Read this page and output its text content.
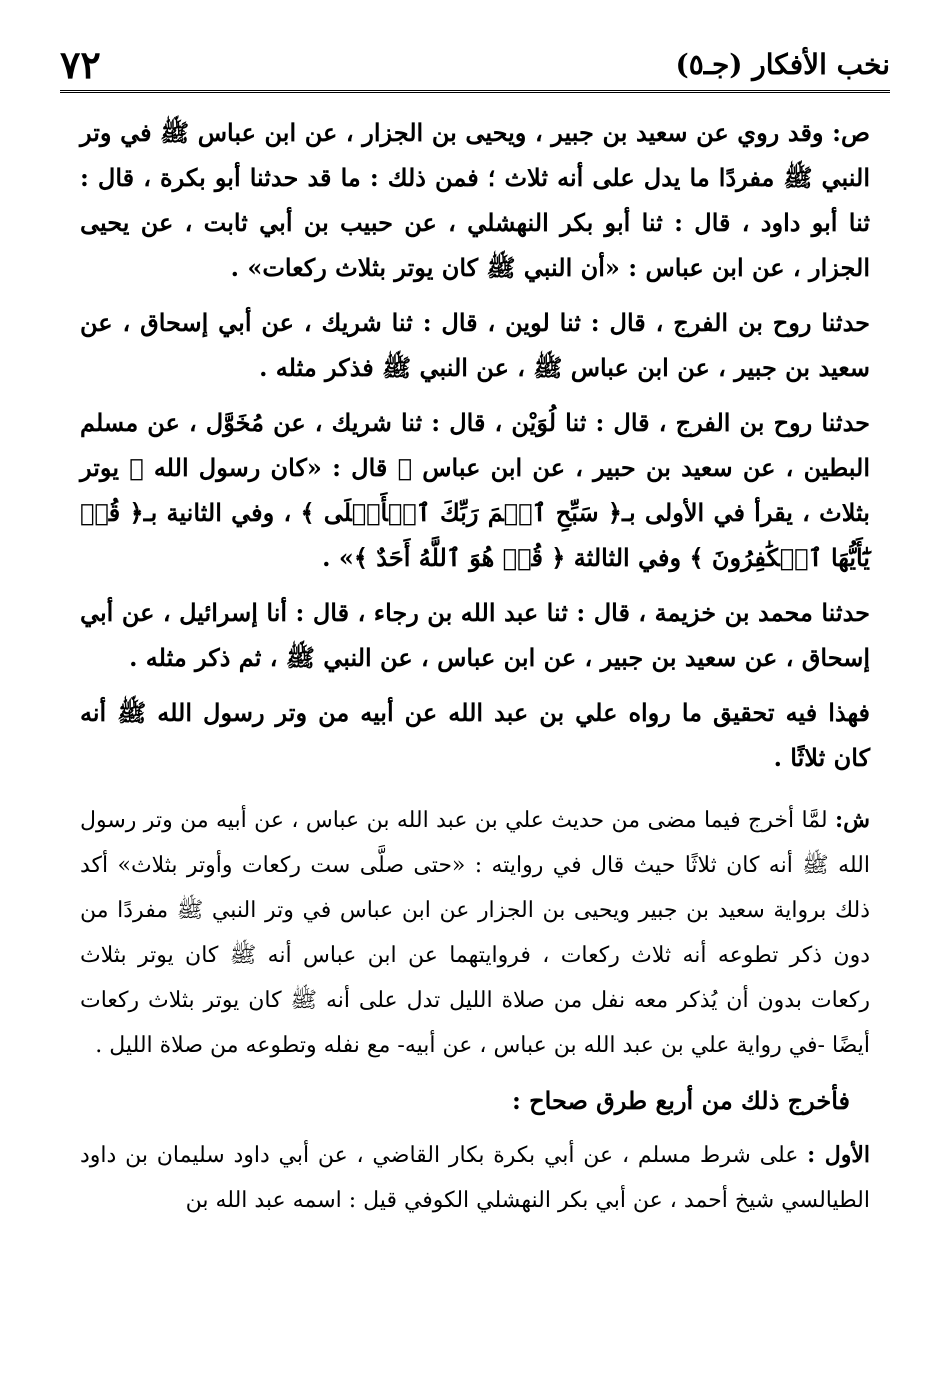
٧٢	نخب الأفكار (جـ٥)

ص: وقد روي عن سعيد بن جبير ، ويحيى بن الجزار ، عن ابن عباس ﷺ في وتر النبي ﷺ مفردًا ما يدل على أنه ثلاث ؛ فمن ذلك : ما قد حدثنا أبو بكرة ، قال : ثنا أبو داود ، قال : ثنا أبو بكر النهشلي ، عن حبيب بن أبي ثابت ، عن يحيى الجزار ، عن ابن عباس : «أن النبي ﷺ كان يوتر بثلاث ركعات» .

حدثنا روح بن الفرج ، قال : ثنا لوين ، قال : ثنا شريك ، عن أبي إسحاق ، عن سعيد بن جبير ، عن ابن عباس ﷺ ، عن النبي ﷺ فذكر مثله .

حدثنا روح بن الفرج ، قال : ثنا لُوَيْن ، قال : ثنا شريك ، عن مُخَوَّل ، عن مسلم البطين ، عن سعيد بن حبير ، عن ابن عباس ﷺ قال : «كان رسول الله ﷺ يوتر بثلاث ، يقرأ في الأولى بـ﴿ سَبِّحِ ٱسۡمَ رَبِّكَ ٱلۡأَعۡلَى ﴾ ، وفي الثانية بـ﴿ قُلۡ يَٰٓأَيُّهَا ٱلۡكَٰفِرُونَ ﴾ وفي الثالثة ﴿ قُلۡ هُوَ ٱللَّهُ أَحَدٌ ﴾» .

حدثنا محمد بن خزيمة ، قال : ثنا عبد الله بن رجاء ، قال : أنا إسرائيل ، عن أبي إسحاق ، عن سعيد بن جبير ، عن ابن عباس ، عن النبي ﷺ ، ثم ذكر مثله .

فهذا فيه تحقيق ما رواه علي بن عبد الله عن أبيه من وتر رسول الله ﷺ أنه كان ثلاثًا .

ش: لمَّا أخرج فيما مضى من حديث علي بن عبد الله بن عباس ، عن أبيه من وتر رسول الله ﷺ أنه كان ثلاثًا حيث قال في روايته : «حتى صلَّى ست ركعات وأوتر بثلاث» أكد ذلك برواية سعيد بن جبير ويحيى بن الجزار عن ابن عباس في وتر النبي ﷺ مفردًا من دون ذكر تطوعه أنه ثلاث ركعات ، فروايتهما عن ابن عباس أنه ﷺ كان يوتر بثلاث ركعات بدون أن يُذكر معه نفل من صلاة الليل تدل على أنه ﷺ كان يوتر بثلاث ركعات أيضًا -في رواية علي بن عبد الله بن عباس ، عن أبيه- مع نفله وتطوعه من صلاة الليل .

فأخرج ذلك من أربع طرق صحاح :

الأول : على شرط مسلم ، عن أبي بكرة بكار القاضي ، عن أبي داود سليمان بن داود الطيالسي شيخ أحمد ، عن أبي بكر النهشلي الكوفي قيل : اسمه عبد الله بن
